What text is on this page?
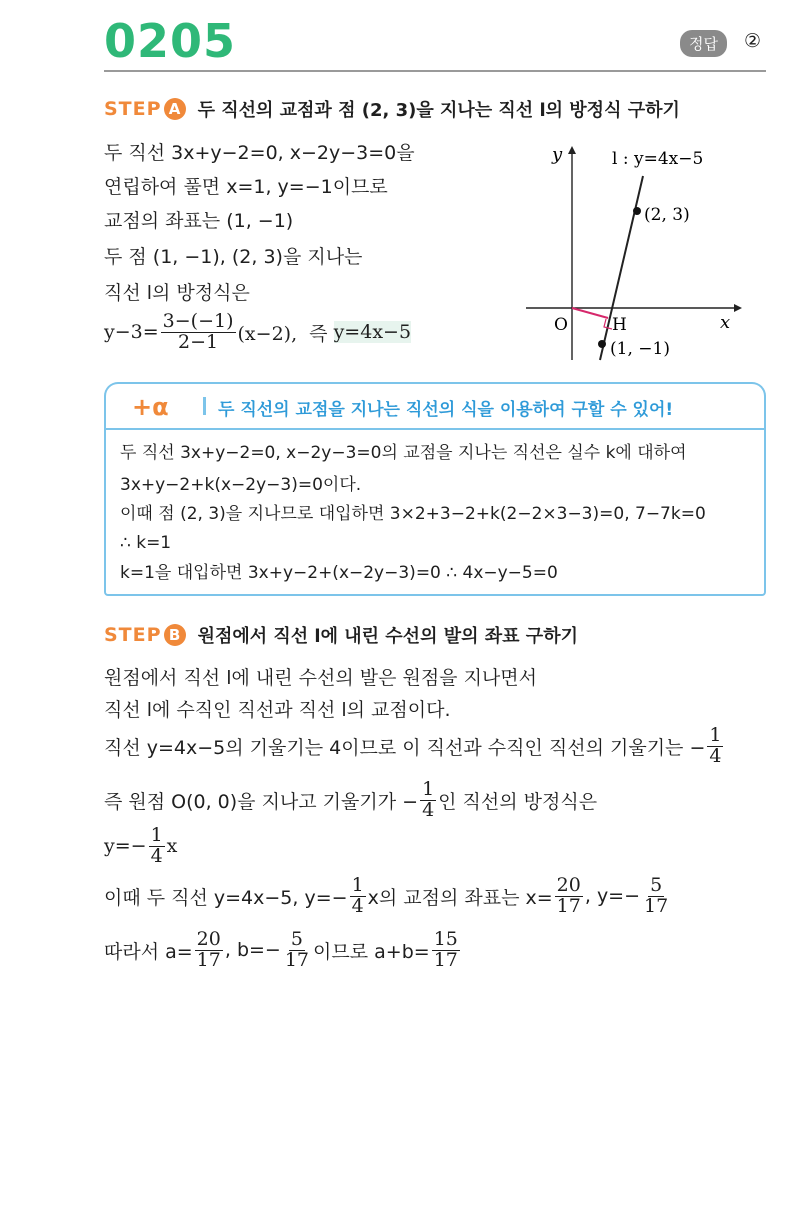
0205	정답	②
STEP A 두 직선의 교점과 점 (2, 3)을 지나는 직선 l의 방정식 구하기
두 직선 3x+y−2=0, x−2y−3=0을
연립하여 풀면 x=1, y=−1이므로
교점의 좌표는 (1, −1)
두 점 (1, −1), (2, 3)을 지나는
직선 l의 방정식은
$y-3= \frac{3-(-1)}{2-1} (x-2)$,  즉 y=4x−5
y
x
O	H
l : y=4x−5
(2, 3)
(1, −1)
+α	두 직선의 교점을 지나는 직선의 식을 이용하여 구할 수 있어!
두 직선 3x+y−2=0, x−2y−3=0의 교점을 지나는 직선은 실수 k에 대하여
3x+y−2+k(x−2y−3)=0이다.
이때 점 (2, 3)을 지나므로 대입하면 3×2+3−2+k(2−2×3−3)=0, 7−7k=0
∴ k=1
k=1을 대입하면 3x+y−2+(x−2y−3)=0 ∴ 4x−y−5=0
STEP B 원점에서 직선 l에 내린 수선의 발의 좌표 구하기
원점에서 직선 l에 내린 수선의 발은 원점을 지나면서
직선 l에 수직인 직선과 직선 l의 교점이다.
직선 y=4x−5의 기울기는 4이므로 이 직선과 수직인 직선의 기울기는 − $\frac{1}{4}$
즉 원점 O(0, 0)을 지나고 기울기가 − $\frac{1}{4}$ 인 직선의 방정식은
$y=- \frac{1}{4}$ x
이때 두 직선 y=4x−5, $y=- \frac{1}{4}$ x의 교점의 좌표는 $x= \frac{20}{17}$ , $y=- \frac{5}{17}$
따라서 $a= \frac{20}{17}$ , $b=- \frac{5}{17}$ 이므로 $a+b= \frac{15}{17}$
